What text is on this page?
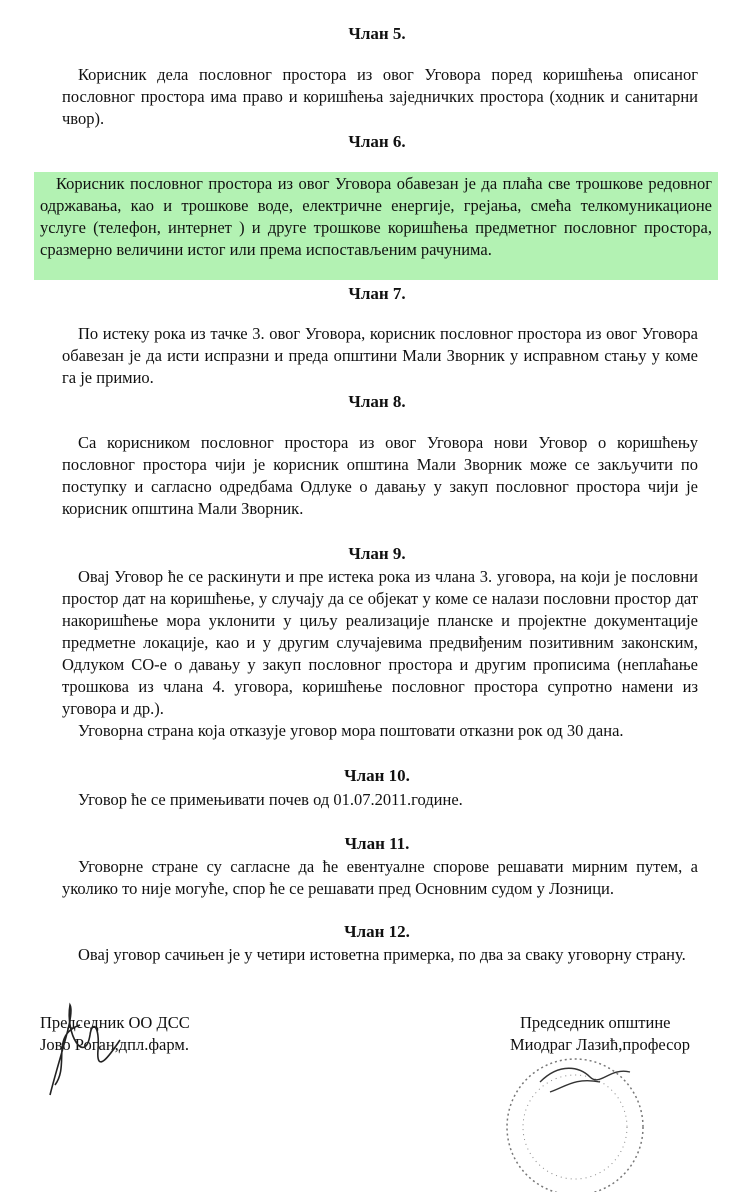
Члан 5.
Корисник дела пословног простора из овог Уговора поред коришћења описаног пословног простора има право и коришћења заједничких простора (ходник и санитарни чвор).
Члан 6.
Корисник пословног простора из овог Уговора обавезан је да плаћа све трошкове редовног одржавања, као и трошкове воде, електричне енергије, грејања, смећа телкомуникационе услуге (телефон, интернет ) и друге трошкове коришћења предметног пословног простора, сразмерно величини истог или према испостављеним рачунима.
Члан 7.
По истеку рока из тачке 3. овог Уговора, корисник пословног простора из овог Уговора обавезан је да исти испразни и преда општини Мали Зворник у исправном стању у коме га је примио.
Члан 8.
Са корисником пословног простора из овог Уговора нови Уговор о коришћењу пословног простора чији је корисник општина Мали Зворник може се закључити по поступку и сагласно одредбама Одлуке о давању у закуп пословног простора чији је корисник општина Мали Зворник.
Члан 9.
Овај Уговор ће се раскинути и пре истека рока из члана 3. уговора, на који је пословни простор дат на коришћење, у случају да се објекат у коме се налази пословни простор дат накоришћење мора уклонити у циљу реализације планске и пројектне документације предметне локације, као и у другим случајевима предвиђеним позитивним законским, Одлуком СО-е о давању у закуп пословног простора и другим прописима (неплаћање трошкова из члана 4. уговора, коришћење пословног простора супротно намени из уговора и др.).
Уговорна страна која отказује уговор мора поштовати отказни рок од 30 дана.
Члан 10.
Уговор ће се примењивати почев од 01.07.2011.године.
Члан 11.
Уговорне стране су сагласне да ће евентуалне спорове решавати мирним путем, а уколико то није могуће, спор ће се решавати пред Основним судом у Лозници.
Члан 12.
Овај уговор сачињен је у четири истоветна примерка, по два за сваку уговорну страну.
Председник ОО ДСС
Јово Роган,дпл.фарм.
Председник општине
Миодраг Лазић,професор
